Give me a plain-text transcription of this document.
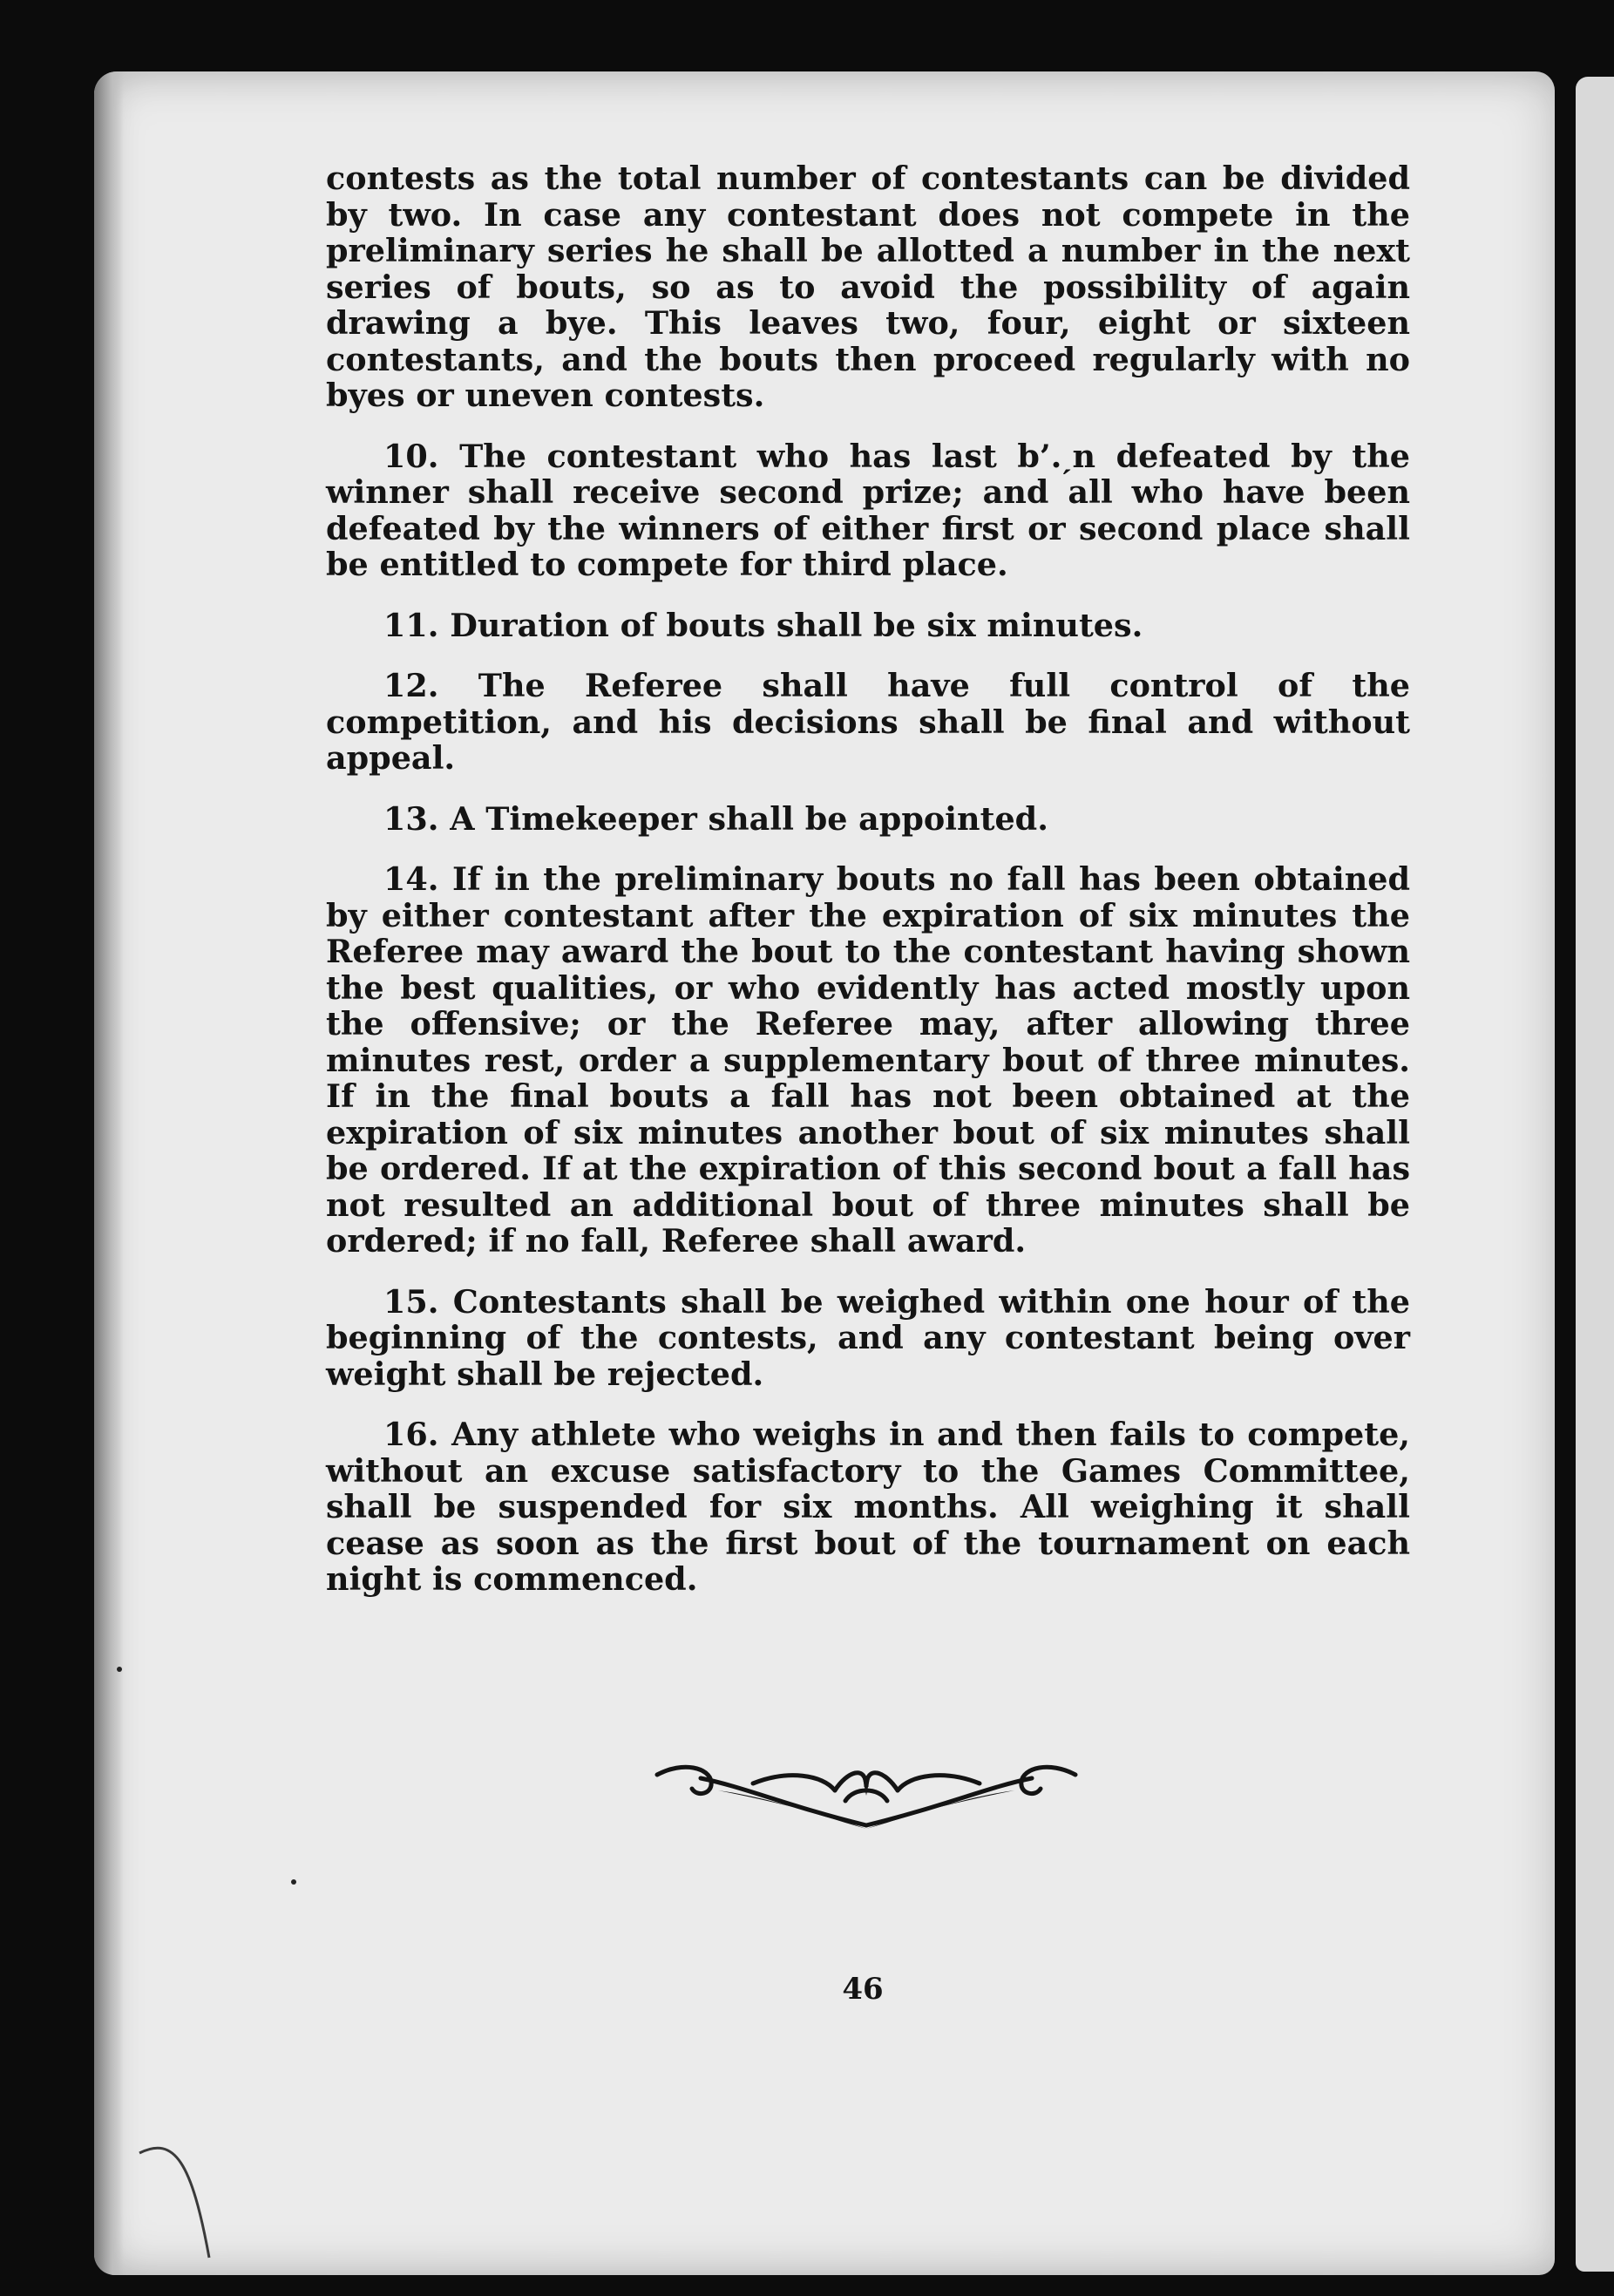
contests as the total number of contestants can be divided by two. In case any contestant does not compete in the preliminary series he shall be allotted a number in the next series of bouts, so as to avoid the possibility of again drawing a bye. This leaves two, four, eight or sixteen contestants, and the bouts then proceed regularly with no byes or uneven contests.

10. The contestant who has last b’.ˏn defeated by the winner shall receive second prize; and all who have been defeated by the winners of either first or second place shall be entitled to compete for third place.

11. Duration of bouts shall be six minutes.

12. The Referee shall have full control of the competition, and his decisions shall be final and without appeal.

13. A Timekeeper shall be appointed.

14. If in the preliminary bouts no fall has been obtained by either contestant after the expiration of six minutes the Referee may award the bout to the contestant having shown the best qualities, or who evidently has acted mostly upon the offensive; or the Referee may, after allowing three minutes rest, order a supplementary bout of three minutes. If in the final bouts a fall has not been obtained at the expiration of six minutes another bout of six minutes shall be ordered. If at the expiration of this second bout a fall has not resulted an additional bout of three minutes shall be ordered; if no fall, Referee shall award.

15. Contestants shall be weighed within one hour of the beginning of the contests, and any contestant being over weight shall be rejected.

16. Any athlete who weighs in and then fails to compete, without an excuse satisfactory to the Games Committee, shall be suspended for six months. All weighing it shall cease as soon as the first bout of the tournament on each night is commenced.

46
